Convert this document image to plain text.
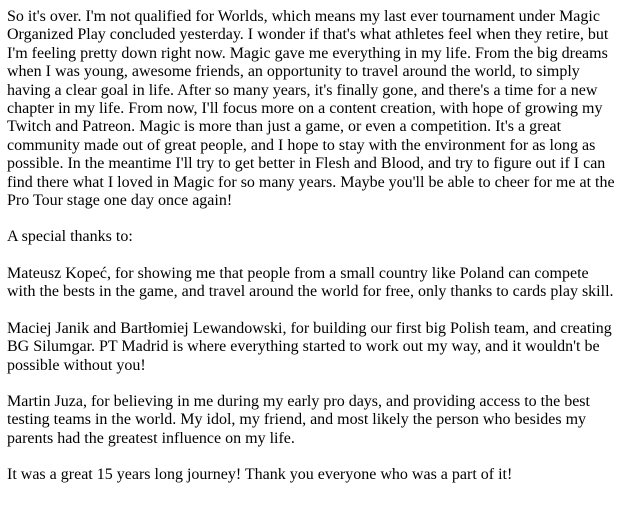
So it's over. I'm not qualified for Worlds, which means my last ever tournament under Magic Organized Play concluded yesterday. I wonder if that's what athletes feel when they retire, but I'm feeling pretty down right now. Magic gave me everything in my life. From the big dreams when I was young, awesome friends, an opportunity to travel around the world, to simply having a clear goal in life. After so many years, it's finally gone, and there's a time for a new chapter in my life. From now, I'll focus more on a content creation, with hope of growing my Twitch and Patreon. Magic is more than just a game, or even a competition. It's a great community made out of great people, and I hope to stay with the environment for as long as possible. In the meantime I'll try to get better in Flesh and Blood, and try to figure out if I can find there what I loved in Magic for so many years. Maybe you'll be able to cheer for me at the Pro Tour stage one day once again!

A special thanks to:

Mateusz Kopeć, for showing me that people from a small country like Poland can compete with the bests in the game, and travel around the world for free, only thanks to cards play skill.

Maciej Janik and Bartłomiej Lewandowski, for building our first big Polish team, and creating BG Silumgar. PT Madrid is where everything started to work out my way, and it wouldn't be possible without you!

Martin Juza, for believing in me during my early pro days, and providing access to the best testing teams in the world. My idol, my friend, and most likely the person who besides my parents had the greatest influence on my life.

It was a great 15 years long journey! Thank you everyone who was a part of it!
